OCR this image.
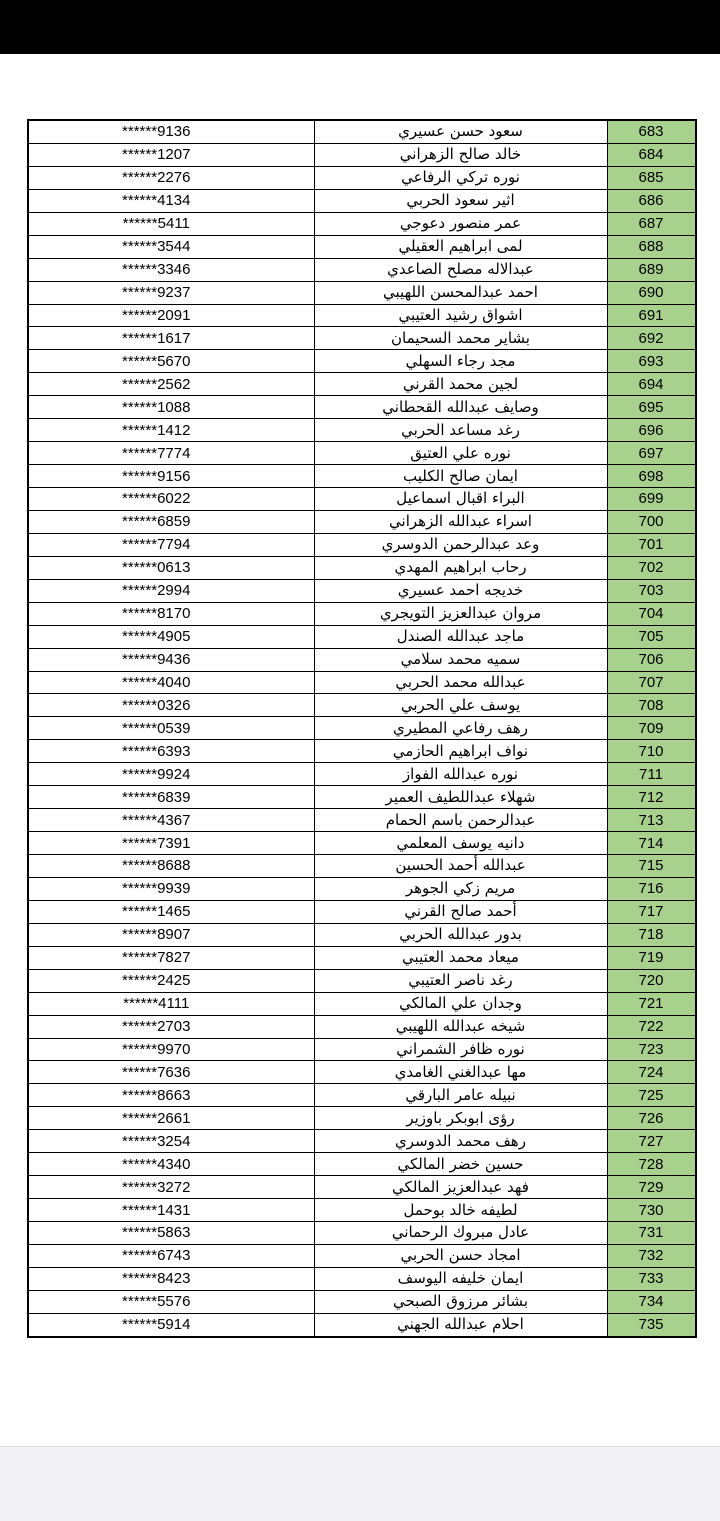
******9136	سعود حسن عسيري	683
******1207	خالد صالح الزهراني	684
******2276	نوره تركي الرفاعي	685
******4134	اثير سعود الحربي	686
******5411	عمر منصور دعوجي	687
******3544	لمى ابراهيم العقيلي	688
******3346	عبدالاله مصلح الصاعدي	689
******9237	احمد عبدالمحسن اللهيبي	690
******2091	اشواق رشيد العتيبي	691
******1617	بشاير محمد السحيمان	692
******5670	مجد رجاء السهلي	693
******2562	لجين محمد القرني	694
******1088	وصايف عبدالله القحطاني	695
******1412	رغد مساعد الحربي	696
******7774	نوره علي العتيق	697
******9156	ايمان صالح الكليب	698
******6022	البراء اقبال اسماعيل	699
******6859	اسراء عبدالله الزهراني	700
******7794	وعد عبدالرحمن الدوسري	701
******0613	رحاب ابراهيم المهدي	702
******2994	خديجه احمد عسيري	703
******8170	مروان عبدالعزيز التويجري	704
******4905	ماجد عبدالله الصندل	705
******9436	سميه محمد سلامي	706
******4040	عبدالله محمد الحربي	707
******0326	يوسف علي الحربي	708
******0539	رهف رفاعي المطيري	709
******6393	نواف ابراهيم الحازمي	710
******9924	نوره عبدالله الفواز	711
******6839	شهلاء عبداللطيف العمير	712
******4367	عبدالرحمن باسم الحمام	713
******7391	دانيه يوسف المعلمي	714
******8688	عبدالله أحمد الحسين	715
******9939	مريم زكي الجوهر	716
******1465	أحمد صالح القرني	717
******8907	بدور عبدالله الحربي	718
******7827	ميعاد محمد العتيبي	719
******2425	رغد ناصر العتيبي	720
******4111	وجدان علي المالكي	721
******2703	شيخه عبدالله اللهيبي	722
******9970	نوره ظافر الشمراني	723
******7636	مها عبدالغني الغامدي	724
******8663	نبيله عامر البارقي	725
******2661	رؤى ابوبكر باوزير	726
******3254	رهف محمد الدوسري	727
******4340	حسين خضر المالكي	728
******3272	فهد عبدالعزيز المالكي	729
******1431	لطيفه خالد بوحمل	730
******5863	عادل مبروك الرحماني	731
******6743	امجاد حسن الحربي	732
******8423	ايمان خليفه اليوسف	733
******5576	بشائر مرزوق الصبحي	734
******5914	احلام عبدالله الجهني	735
